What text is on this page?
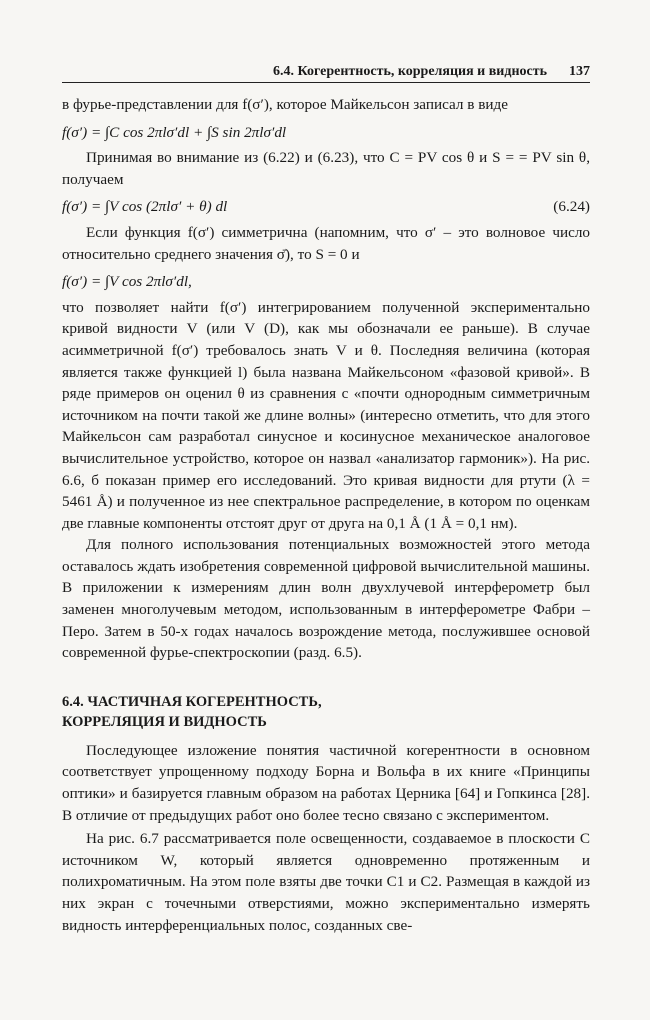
6.4. Когерентность, корреляция и видность 137

в фурье-представлении для f(σ′), которое Майкельсон записал в виде

f(σ′) = ∫C cos 2πlσ′dl + ∫S sin 2πlσ′dl

Принимая во внимание из (6.22) и (6.23), что C = PV cos θ и S = = PV sin θ, получаем

f(σ′) = ∫V cos (2πlσ′ + θ) dl	(6.24)

Если функция f(σ′) симметрична (напомним, что σ′ – это волновое число относительно среднего значения σ̄), то S = 0 и

f(σ′) = ∫V cos 2πlσ′dl,

что позволяет найти f(σ′) интегрированием полученной экспериментально кривой видности V (или V (D), как мы обозначали ее раньше). В случае асимметричной f(σ′) требовалось знать V и θ. Последняя величина (которая является также функцией l) была названа Майкельсоном «фазовой кривой». В ряде примеров он оценил θ из сравнения с «почти однородным симметричным источником на почти такой же длине волны» (интересно отметить, что для этого Майкельсон сам разработал синусное и косинусное механическое аналоговое вычислительное устройство, которое он назвал «анализатор гармоник»). На рис. 6.6, б показан пример его исследований. Это кривая видности для ртути (λ = 5461 Å) и полученное из нее спектральное распределение, в котором по оценкам две главные компоненты отстоят друг от друга на 0,1 Å (1 Å = 0,1 нм).

Для полного использования потенциальных возможностей этого метода оставалось ждать изобретения современной цифровой вычислительной машины. В приложении к измерениям длин волн двухлучевой интерферометр был заменен многолучевым методом, использованным в интерферометре Фабри – Перо. Затем в 50-х годах началось возрождение метода, послужившее основой современной фурье-спектроскопии (разд. 6.5).

6.4. ЧАСТИЧНАЯ КОГЕРЕНТНОСТЬ,
КОРРЕЛЯЦИЯ И ВИДНОСТЬ

Последующее изложение понятия частичной когерентности в основном соответствует упрощенному подходу Борна и Вольфа в их книге «Принципы оптики» и базируется главным образом на работах Церника [64] и Гопкинса [28]. В отличие от предыдущих работ оно более тесно связано с экспериментом.

На рис. 6.7 рассматривается поле освещенности, создаваемое в плоскости C источником W, который является одновременно протяженным и полихроматичным. На этом поле взяты две точки C1 и C2. Размещая в каждой из них экран с точечными отверстиями, можно экспериментально измерять видность интерференциальных полос, созданных све-
